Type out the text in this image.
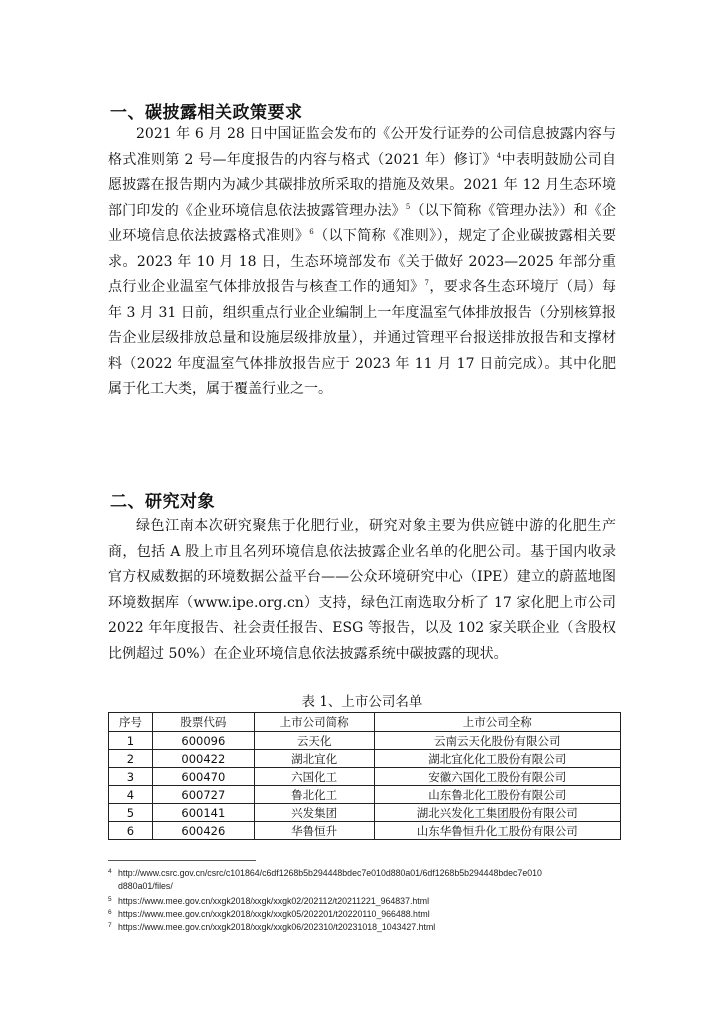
一、碳披露相关政策要求

2021 年 6 月 28 日中国证监会发布的《公开发行证券的公司信息披露内容与格式准则第 2 号—年度报告的内容与格式（2021 年）修订》$^4$中表明鼓励公司自愿披露在报告期内为减少其碳排放所采取的措施及效果。2021 年 12 月生态环境部门印发的《企业环境信息依法披露管理办法》$^5$（以下简称《管理办法》）和《企业环境信息依法披露格式准则》$^6$（以下简称《准则》），规定了企业碳披露相关要求。2023 年 10 月 18 日，生态环境部发布《关于做好 2023—2025 年部分重点行业企业温室气体排放报告与核查工作的通知》$^7$，要求各生态环境厅（局）每年 3 月 31 日前，组织重点行业企业编制上一年度温室气体排放报告（分别核算报告企业层级排放总量和设施层级排放量），并通过管理平台报送排放报告和支撑材料（2022 年度温室气体排放报告应于 2023 年 11 月 17 日前完成）。其中化肥属于化工大类，属于覆盖行业之一。

二、研究对象

绿色江南本次研究聚焦于化肥行业，研究对象主要为供应链中游的化肥生产商，包括 A 股上市且名列环境信息依法披露企业名单的化肥公司。基于国内收录官方权威数据的环境数据公益平台——公众环境研究中心（IPE）建立的蔚蓝地图环境数据库（www.ipe.org.cn）支持，绿色江南选取分析了 17 家化肥上市公司 2022 年年度报告、社会责任报告、ESG 等报告，以及 102 家关联企业（含股权比例超过 50%）在企业环境信息依法披露系统中碳披露的现状。

表 1、上市公司名单
序号	股票代码	上市公司简称	上市公司全称
1	600096	云天化	云南云天化股份有限公司
2	000422	湖北宜化	湖北宜化化工股份有限公司
3	600470	六国化工	安徽六国化工股份有限公司
4	600727	鲁北化工	山东鲁北化工股份有限公司
5	600141	兴发集团	湖北兴发化工集团股份有限公司
6	600426	华鲁恒升	山东华鲁恒升化工股份有限公司
4 http://www.csrc.gov.cn/csrc/c101864/c6df1268b5b294448bdec7e010d880a01/6df1268b5b294448bdec7e010
d880a01/files/
5 https://www.mee.gov.cn/xxgk2018/xxgk/xxgk02/202112/t20211221_964837.html
6 https://www.mee.gov.cn/xxgk2018/xxgk/xxgk05/202201/t20220110_966488.html
7 https://www.mee.gov.cn/xxgk2018/xxgk/xxgk06/202310/t20231018_1043427.html
